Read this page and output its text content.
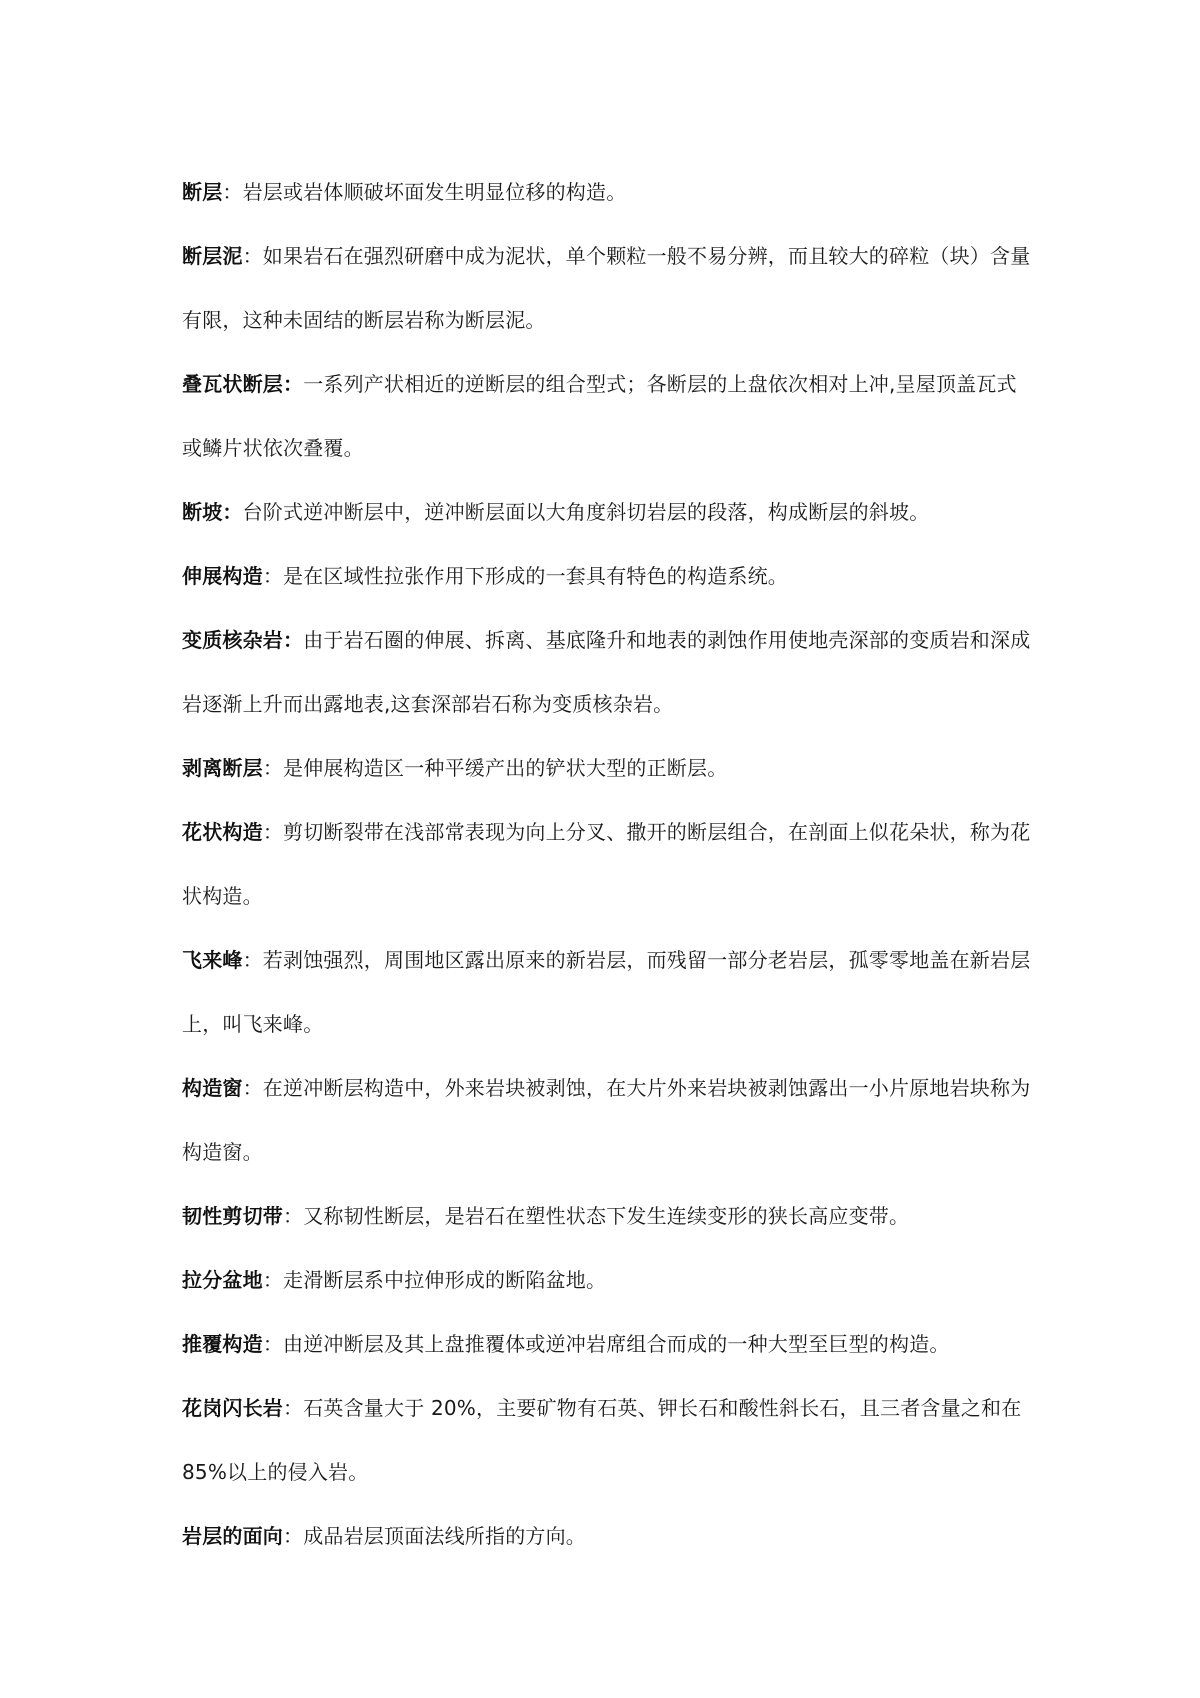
断层：岩层或岩体顺破坏面发生明显位移的构造。

断层泥：如果岩石在强烈研磨中成为泥状，单个颗粒一般不易分辨，而且较大的碎粒（块）含量有限，这种未固结的断层岩称为断层泥。

叠瓦状断层：一系列产状相近的逆断层的组合型式；各断层的上盘依次相对上冲,呈屋顶盖瓦式或鳞片状依次叠覆。

断坡：台阶式逆冲断层中，逆冲断层面以大角度斜切岩层的段落，构成断层的斜坡。

伸展构造：是在区域性拉张作用下形成的一套具有特色的构造系统。

变质核杂岩：由于岩石圈的伸展、拆离、基底隆升和地表的剥蚀作用使地壳深部的变质岩和深成岩逐渐上升而出露地表,这套深部岩石称为变质核杂岩。

剥离断层：是伸展构造区一种平缓产出的铲状大型的正断层。

花状构造：剪切断裂带在浅部常表现为向上分叉、撒开的断层组合，在剖面上似花朵状，称为花状构造。

飞来峰：若剥蚀强烈，周围地区露出原来的新岩层，而残留一部分老岩层，孤零零地盖在新岩层上，叫飞来峰。

构造窗：在逆冲断层构造中，外来岩块被剥蚀，在大片外来岩块被剥蚀露出一小片原地岩块称为构造窗。

韧性剪切带：又称韧性断层，是岩石在塑性状态下发生连续变形的狭长高应变带。

拉分盆地：走滑断层系中拉伸形成的断陷盆地。

推覆构造：由逆冲断层及其上盘推覆体或逆冲岩席组合而成的一种大型至巨型的构造。

花岗闪长岩：石英含量大于 20%，主要矿物有石英、钾长石和酸性斜长石，且三者含量之和在 85%以上的侵入岩。

岩层的面向：成品岩层顶面法线所指的方向。
